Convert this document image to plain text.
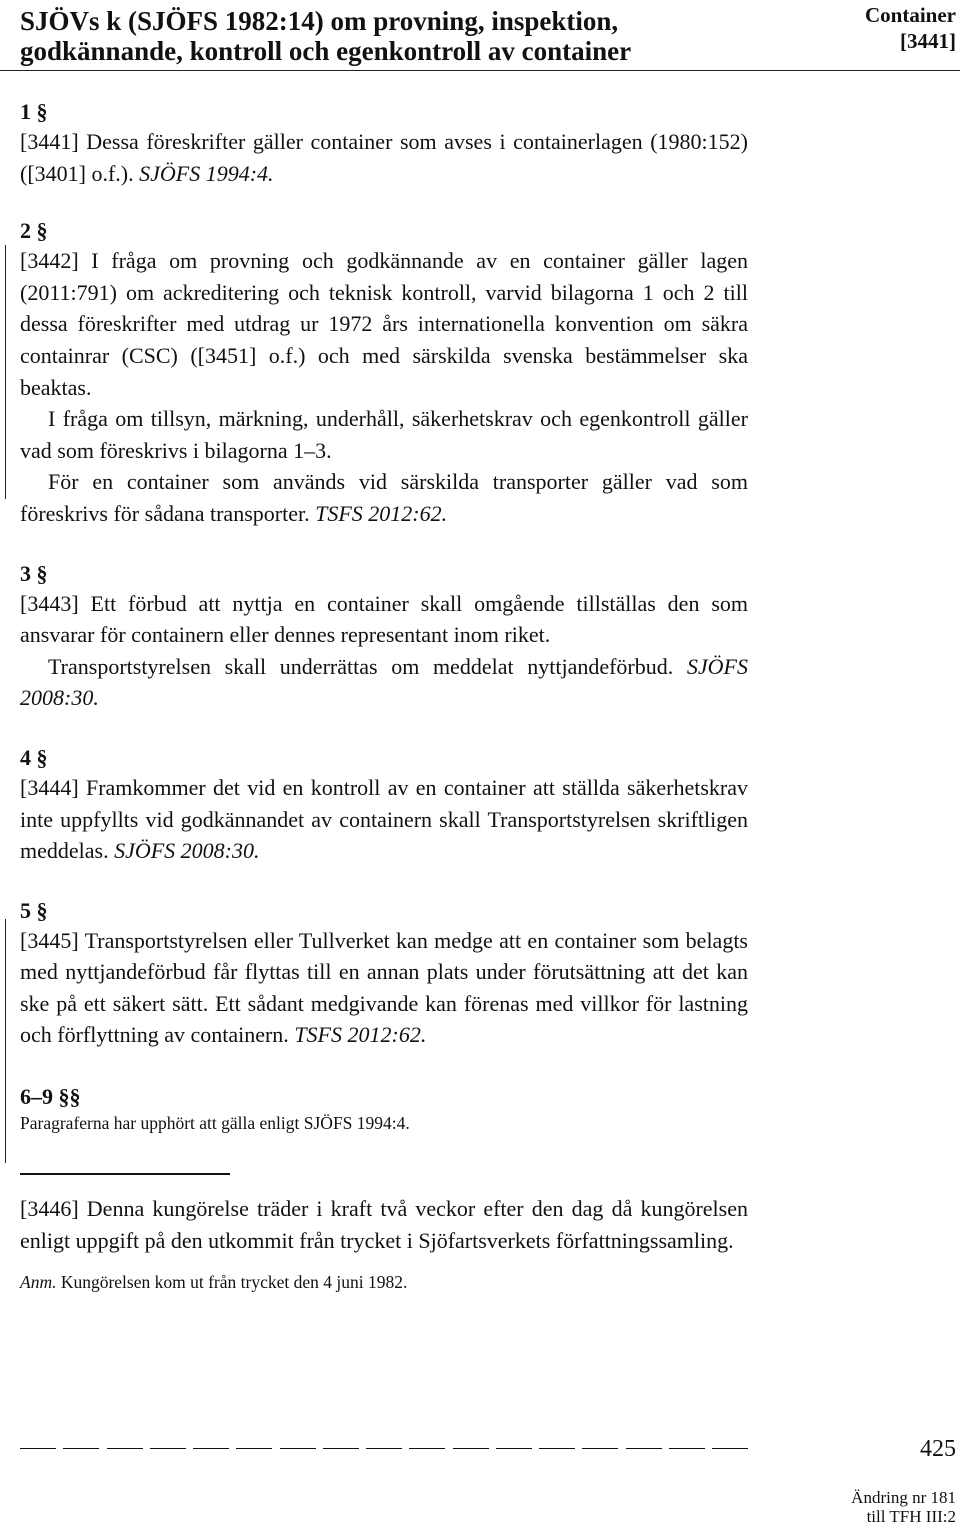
SJÖVs k (SJÖFS 1982:14) om provning, inspektion,
godkännande, kontroll och egenkontroll av container
Container
[3441]

1 §

[3441] Dessa föreskrifter gäller container som avses i containerlagen (1980:152) ([3401] o.f.). SJÖFS 1994:4.

2 §

[3442] I fråga om provning och godkännande av en container gäller lagen (2011:791) om ackreditering och teknisk kontroll, varvid bilagorna 1 och 2 till dessa föreskrifter med utdrag ur 1972 års internationella konvention om säkra containrar (CSC) ([3451] o.f.) och med särskilda svenska bestämmelser ska beaktas.

I fråga om tillsyn, märkning, underhåll, säkerhetskrav och egenkontroll gäller vad som föreskrivs i bilagorna 1–3.

För en container som används vid särskilda transporter gäller vad som föreskrivs för sådana transporter. TSFS 2012:62.

3 §

[3443] Ett förbud att nyttja en container skall omgående tillställas den som ansvarar för containern eller dennes representant inom riket.

Transportstyrelsen skall underrättas om meddelat nyttjandeförbud. SJÖFS 2008:30.

4 §

[3444] Framkommer det vid en kontroll av en container att ställda säkerhetskrav inte uppfyllts vid godkännandet av containern skall Transportstyrelsen skriftligen meddelas. SJÖFS 2008:30.

5 §

[3445] Transportstyrelsen eller Tullverket kan medge att en container som belagts med nyttjandeförbud får flyttas till en annan plats under förutsättning att det kan ske på ett säkert sätt. Ett sådant medgivande kan förenas med villkor för lastning och förflyttning av containern. TSFS 2012:62.

6–9 §§

Paragraferna har upphört att gälla enligt SJÖFS 1994:4.

[3446] Denna kungörelse träder i kraft två veckor efter den dag då kungörelsen enligt uppgift på den utkommit från trycket i Sjöfartsverkets författningssamling.

Anm. Kungörelsen kom ut från trycket den 4 juni 1982.

425
Ändring nr 181
till TFH III:2
